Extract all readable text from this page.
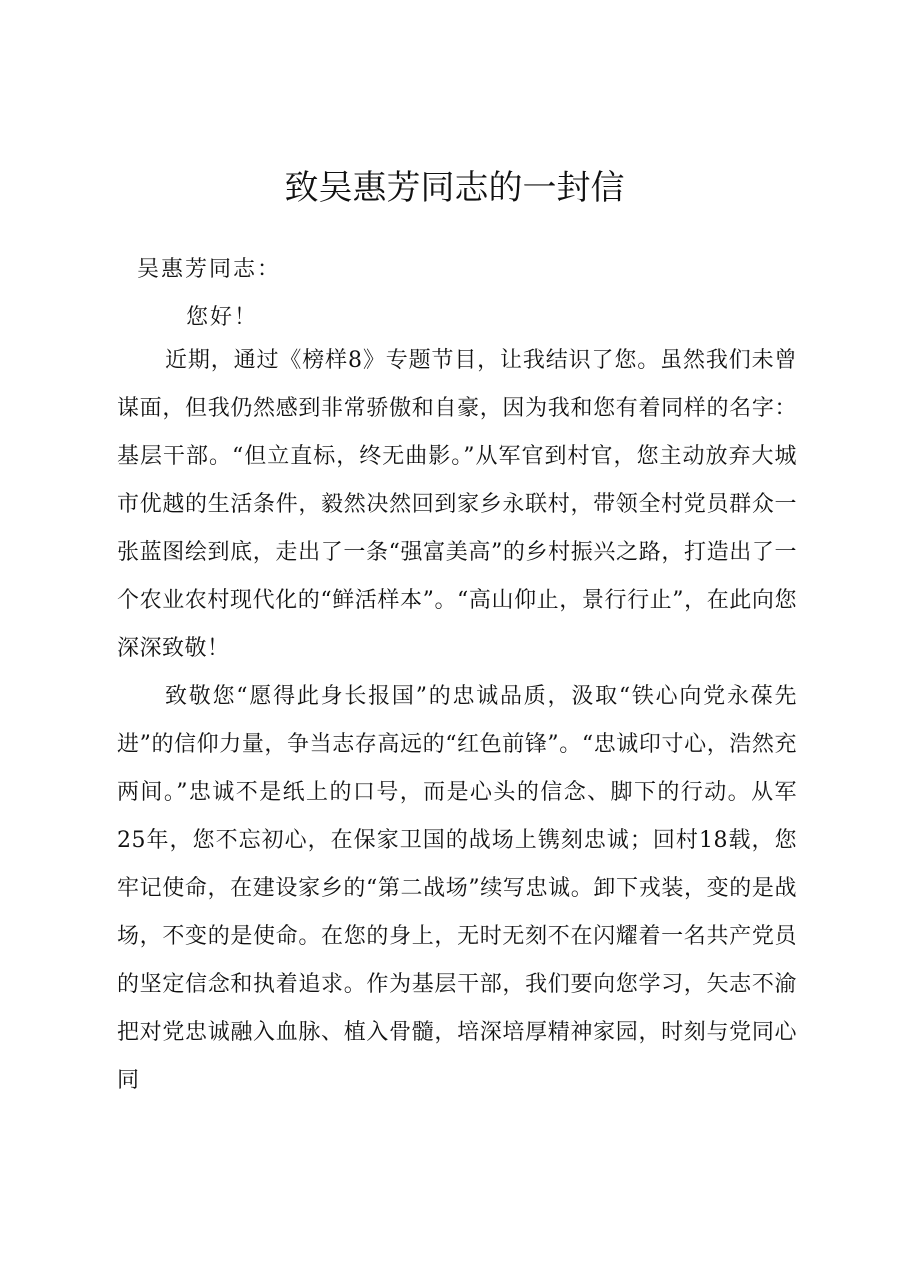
致吴惠芳同志的一封信
吴惠芳同志：
您好！

近期，通过《榜样8》专题节目，让我结识了您。虽然我们未曾谋面，但我仍然感到非常骄傲和自豪，因为我和您有着同样的名字：基层干部。“但立直标，终无曲影。”从军官到村官，您主动放弃大城市优越的生活条件，毅然决然回到家乡永联村，带领全村党员群众一张蓝图绘到底，走出了一条“强富美高”的乡村振兴之路，打造出了一个农业农村现代化的“鲜活样本”。“高山仰止，景行行止”，在此向您深深致敬！

致敬您“愿得此身长报国”的忠诚品质，汲取“铁心向党永葆先进”的信仰力量，争当志存高远的“红色前锋”。“忠诚印寸心，浩然充两间。”忠诚不是纸上的口号，而是心头的信念、脚下的行动。从军25年，您不忘初心，在保家卫国的战场上镌刻忠诚；回村18载，您牢记使命，在建设家乡的“第二战场”续写忠诚。卸下戎装，变的是战场，不变的是使命。在您的身上，无时无刻不在闪耀着一名共产党员的坚定信念和执着追求。作为基层干部，我们要向您学习，矢志不渝把对党忠诚融入血脉、植入骨髓，培深培厚精神家园，时刻与党同心同
